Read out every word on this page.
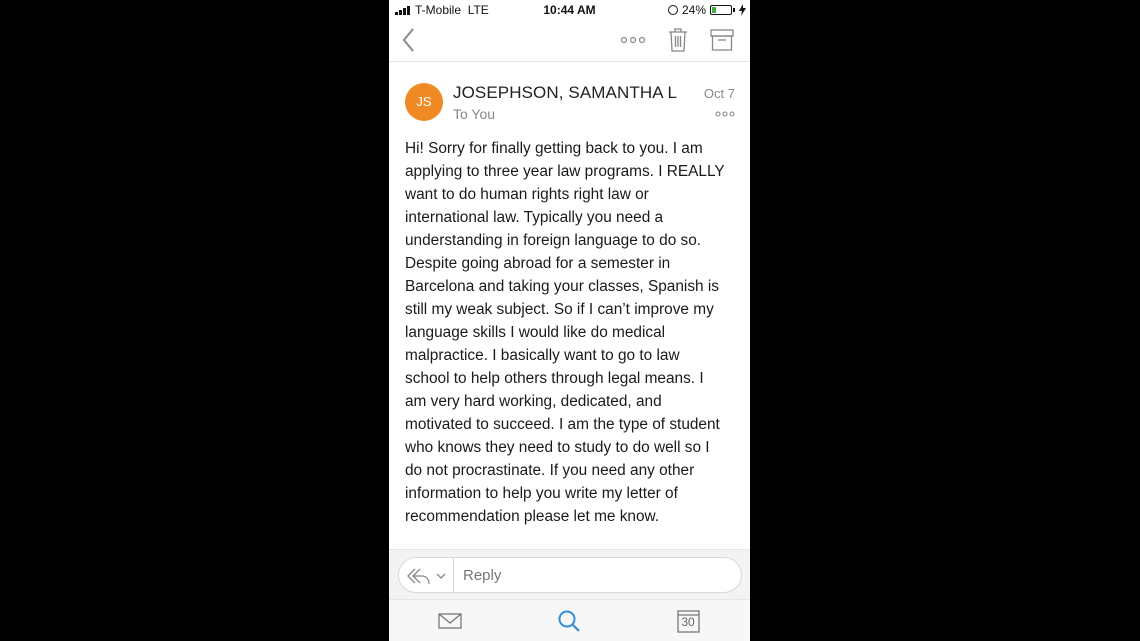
T-Mobile LTE	10:44 AM	24%
JS	JOSEPHSON, SAMANTHA L
To You
Oct 7

Hi! Sorry for finally getting back to you. I am

applying to three year law programs. I REALLY

want to do human rights right law or

international law. Typically you need a

understanding in foreign language to do so.

Despite going abroad for a semester in

Barcelona and taking your classes, Spanish is

still my weak subject. So if I can’t improve my

language skills I would like do medical

malpractice. I basically want to go to law

school to help others through legal means. I

am very hard working, dedicated, and

motivated to succeed. I am the type of student

who knows they need to study to do well so I

do not procrastinate. If you need any other

information to help you write my letter of

recommendation please let me know.

Reply
30
